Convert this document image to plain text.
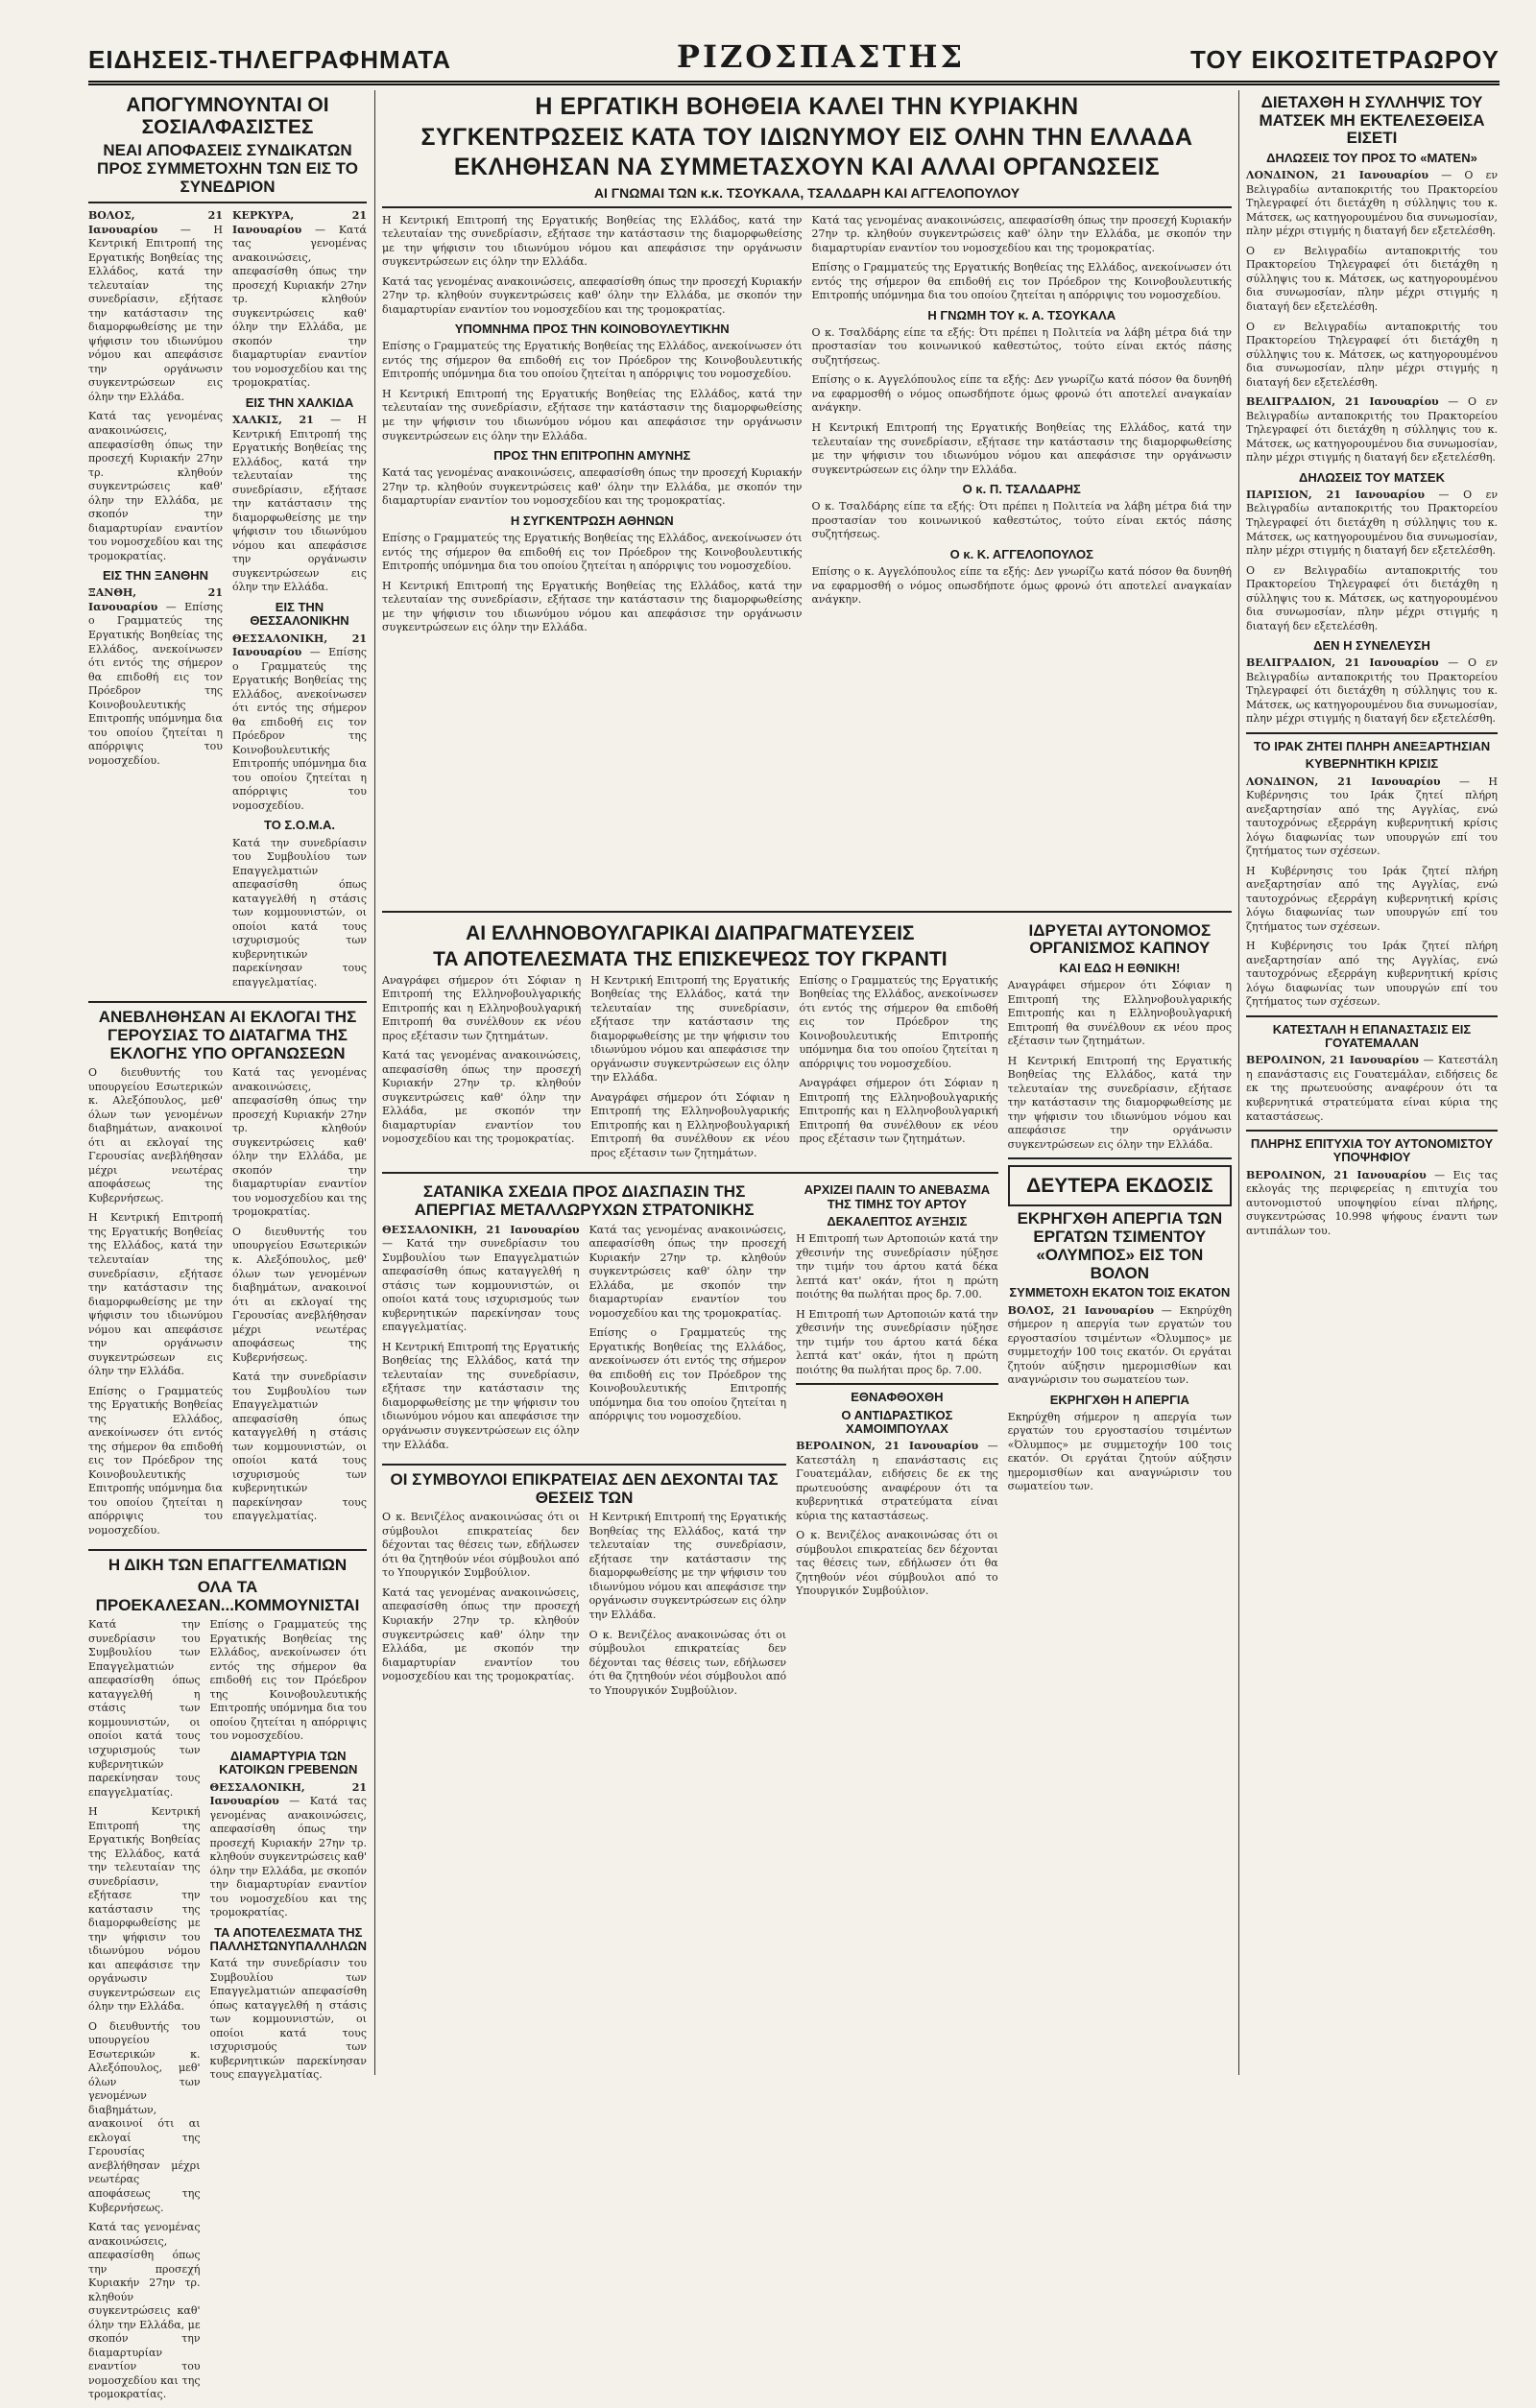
ΕΙΔΗΣΕΙΣ-ΤΗΛΕΓΡΑΦΗΜΑΤΑ	ΡΙΖΟΣΠΑΣΤΗΣ	ΤΟΥ ΕΙΚΟΣΙΤΕΤΡΑΩΡΟΥ
ΑΠΟΓΥΜΝΟΥΝΤΑΙ ΟΙ ΣΟΣΙΑΛΦΑΣΙΣΤΕΣ
ΝΕΑΙ ΑΠΟΦΑΣΕΙΣ ΣΥΝΔΙΚΑΤΩΝ ΠΡΟΣ ΣΥΜΜΕΤΟΧΗΝ ΤΩΝ ΕΙΣ ΤΟ ΣΥΝΕΔΡΙΟΝ

ΒΟΛΟΣ, 21 Ιανουαρίου — Η Κεντρική Επιτροπή της Εργατικής Βοηθείας της Ελλάδος, κατά την τελευταίαν της συνεδρίασιν, εξήτασε την κατάστασιν της διαμορφωθείσης με την ψήφισιν του ιδιωνύμου νόμου και απεφάσισε την οργάνωσιν συγκεντρώσεων εις όλην την Ελλάδα.

Κατά τας γενομένας ανακοινώσεις, απεφασίσθη όπως την προσεχή Κυριακήν 27ην τρ. κληθούν συγκεντρώσεις καθ' όλην την Ελλάδα, με σκοπόν την διαμαρτυρίαν εναντίον του νομοσχεδίου και της τρομοκρατίας.

ΕΙΣ ΤΗΝ ΞΑΝΘΗΝ

ΞΑΝΘΗ, 21 Ιανουαρίου — Επίσης ο Γραμματεύς της Εργατικής Βοηθείας της Ελλάδος, ανεκοίνωσεν ότι εντός της σήμερον θα επιδοθή εις τον Πρόεδρον της Κοινοβουλευτικής Επιτροπής υπόμνημα δια του οποίου ζητείται η απόρριψις του νομοσχεδίου.

ΚΕΡΚΥΡΑ, 21 Ιανουαρίου — Κατά τας γενομένας ανακοινώσεις, απεφασίσθη όπως την προσεχή Κυριακήν 27ην τρ. κληθούν συγκεντρώσεις καθ' όλην την Ελλάδα, με σκοπόν την διαμαρτυρίαν εναντίον του νομοσχεδίου και της τρομοκρατίας.

ΕΙΣ ΤΗΝ ΧΑΛΚΙΔΑ

ΧΑΛΚΙΣ, 21 — Η Κεντρική Επιτροπή της Εργατικής Βοηθείας της Ελλάδος, κατά την τελευταίαν της συνεδρίασιν, εξήτασε την κατάστασιν της διαμορφωθείσης με την ψήφισιν του ιδιωνύμου νόμου και απεφάσισε την οργάνωσιν συγκεντρώσεων εις όλην την Ελλάδα.

ΕΙΣ ΤΗΝ ΘΕΣΣΑΛΟΝΙΚΗΝ

ΘΕΣΣΑΛΟΝΙΚΗ, 21 Ιανουαρίου — Επίσης ο Γραμματεύς της Εργατικής Βοηθείας της Ελλάδος, ανεκοίνωσεν ότι εντός της σήμερον θα επιδοθή εις τον Πρόεδρον της Κοινοβουλευτικής Επιτροπής υπόμνημα δια του οποίου ζητείται η απόρριψις του νομοσχεδίου.

ΤΟ Σ.Ο.Μ.Α.

Κατά την συνεδρίασιν του Συμβουλίου των Επαγγελματιών απεφασίσθη όπως καταγγελθή η στάσις των κομμουνιστών, οι οποίοι κατά τους ισχυρισμούς των κυβερνητικών παρεκίνησαν τους επαγγελματίας.

ΑΝΕΒΛΗΘΗΣΑΝ ΑΙ ΕΚΛΟΓΑΙ ΤΗΣ ΓΕΡΟΥΣΙΑΣ ΤΟ ΔΙΑΤΑΓΜΑ ΤΗΣ ΕΚΛΟΓΗΣ ΥΠΟ ΟΡΓΑΝΩΣΕΩΝ

Ο διευθυντής του υπουργείου Εσωτερικών κ. Αλεξόπουλος, μεθ' όλων των γενομένων διαβημάτων, ανακοινοί ότι αι εκλογαί της Γερουσίας ανεβλήθησαν μέχρι νεωτέρας αποφάσεως της Κυβερνήσεως.

Η Κεντρική Επιτροπή της Εργατικής Βοηθείας της Ελλάδος, κατά την τελευταίαν της συνεδρίασιν, εξήτασε την κατάστασιν της διαμορφωθείσης με την ψήφισιν του ιδιωνύμου νόμου και απεφάσισε την οργάνωσιν συγκεντρώσεων εις όλην την Ελλάδα.

Επίσης ο Γραμματεύς της Εργατικής Βοηθείας της Ελλάδος, ανεκοίνωσεν ότι εντός της σήμερον θα επιδοθή εις τον Πρόεδρον της Κοινοβουλευτικής Επιτροπής υπόμνημα δια του οποίου ζητείται η απόρριψις του νομοσχεδίου.

Κατά τας γενομένας ανακοινώσεις, απεφασίσθη όπως την προσεχή Κυριακήν 27ην τρ. κληθούν συγκεντρώσεις καθ' όλην την Ελλάδα, με σκοπόν την διαμαρτυρίαν εναντίον του νομοσχεδίου και της τρομοκρατίας.

Ο διευθυντής του υπουργείου Εσωτερικών κ. Αλεξόπουλος, μεθ' όλων των γενομένων διαβημάτων, ανακοινοί ότι αι εκλογαί της Γερουσίας ανεβλήθησαν μέχρι νεωτέρας αποφάσεως της Κυβερνήσεως.

Κατά την συνεδρίασιν του Συμβουλίου των Επαγγελματιών απεφασίσθη όπως καταγγελθή η στάσις των κομμουνιστών, οι οποίοι κατά τους ισχυρισμούς των κυβερνητικών παρεκίνησαν τους επαγγελματίας.

Η ΔΙΚΗ ΤΩΝ ΕΠΑΓΓΕΛΜΑΤΙΩΝ
ΟΛΑ ΤΑ ΠΡΟΕΚΑΛΕΣΑΝ...ΚΟΜΜΟΥΝΙΣΤΑΙ

Κατά την συνεδρίασιν του Συμβουλίου των Επαγγελματιών απεφασίσθη όπως καταγγελθή η στάσις των κομμουνιστών, οι οποίοι κατά τους ισχυρισμούς των κυβερνητικών παρεκίνησαν τους επαγγελματίας.

Η Κεντρική Επιτροπή της Εργατικής Βοηθείας της Ελλάδος, κατά την τελευταίαν της συνεδρίασιν, εξήτασε την κατάστασιν της διαμορφωθείσης με την ψήφισιν του ιδιωνύμου νόμου και απεφάσισε την οργάνωσιν συγκεντρώσεων εις όλην την Ελλάδα.

Ο διευθυντής του υπουργείου Εσωτερικών κ. Αλεξόπουλος, μεθ' όλων των γενομένων διαβημάτων, ανακοινοί ότι αι εκλογαί της Γερουσίας ανεβλήθησαν μέχρι νεωτέρας αποφάσεως της Κυβερνήσεως.

Κατά τας γενομένας ανακοινώσεις, απεφασίσθη όπως την προσεχή Κυριακήν 27ην τρ. κληθούν συγκεντρώσεις καθ' όλην την Ελλάδα, με σκοπόν την διαμαρτυρίαν εναντίον του νομοσχεδίου και της τρομοκρατίας.

Επίσης ο Γραμματεύς της Εργατικής Βοηθείας της Ελλάδος, ανεκοίνωσεν ότι εντός της σήμερον θα επιδοθή εις τον Πρόεδρον της Κοινοβουλευτικής Επιτροπής υπόμνημα δια του οποίου ζητείται η απόρριψις του νομοσχεδίου.

ΔΙΑΜΑΡΤΥΡΙΑ ΤΩΝ ΚΑΤΟΙΚΩΝ ΓΡΕΒΕΝΩΝ

ΘΕΣΣΑΛΟΝΙΚΗ, 21 Ιανουαρίου — Κατά τας γενομένας ανακοινώσεις, απεφασίσθη όπως την προσεχή Κυριακήν 27ην τρ. κληθούν συγκεντρώσεις καθ' όλην την Ελλάδα, με σκοπόν την διαμαρτυρίαν εναντίον του νομοσχεδίου και της τρομοκρατίας.

ΤΑ ΑΠΟΤΕΛΕΣΜΑΤΑ ΤΗΣ ΠΑΛΛΗΣΤΩΝΥΠΑΛΛΗΛΩΝ

Κατά την συνεδρίασιν του Συμβουλίου των Επαγγελματιών απεφασίσθη όπως καταγγελθή η στάσις των κομμουνιστών, οι οποίοι κατά τους ισχυρισμούς των κυβερνητικών παρεκίνησαν τους επαγγελματίας.

Η ΕΡΓΑΤΙΚΗ ΒΟΗΘΕΙΑ ΚΑΛΕΙ ΤΗΝ ΚΥΡΙΑΚΗΝ
ΣΥΓΚΕΝΤΡΩΣΕΙΣ ΚΑΤΑ ΤΟΥ ΙΔΙΩΝΥΜΟΥ ΕΙΣ ΟΛΗΝ ΤΗΝ ΕΛΛΑΔΑ
ΕΚΛΗΘΗΣΑΝ ΝΑ ΣΥΜΜΕΤΑΣΧΟΥΝ ΚΑΙ ΑΛΛΑΙ ΟΡΓΑΝΩΣΕΙΣ
ΑΙ ΓΝΩΜΑΙ ΤΩΝ κ.κ. ΤΣΟΥΚΑΛΑ, ΤΣΑΛΔΑΡΗ ΚΑΙ ΑΓΓΕΛΟΠΟΥΛΟΥ

Η Κεντρική Επιτροπή της Εργατικής Βοηθείας της Ελλάδος, κατά την τελευταίαν της συνεδρίασιν, εξήτασε την κατάστασιν της διαμορφωθείσης με την ψήφισιν του ιδιωνύμου νόμου και απεφάσισε την οργάνωσιν συγκεντρώσεων εις όλην την Ελλάδα.

Κατά τας γενομένας ανακοινώσεις, απεφασίσθη όπως την προσεχή Κυριακήν 27ην τρ. κληθούν συγκεντρώσεις καθ' όλην την Ελλάδα, με σκοπόν την διαμαρτυρίαν εναντίον του νομοσχεδίου και της τρομοκρατίας.

ΥΠΟΜΝΗΜΑ ΠΡΟΣ ΤΗΝ ΚΟΙΝΟΒΟΥΛΕΥΤΙΚΗΝ

Επίσης ο Γραμματεύς της Εργατικής Βοηθείας της Ελλάδος, ανεκοίνωσεν ότι εντός της σήμερον θα επιδοθή εις τον Πρόεδρον της Κοινοβουλευτικής Επιτροπής υπόμνημα δια του οποίου ζητείται η απόρριψις του νομοσχεδίου.

Η Κεντρική Επιτροπή της Εργατικής Βοηθείας της Ελλάδος, κατά την τελευταίαν της συνεδρίασιν, εξήτασε την κατάστασιν της διαμορφωθείσης με την ψήφισιν του ιδιωνύμου νόμου και απεφάσισε την οργάνωσιν συγκεντρώσεων εις όλην την Ελλάδα.

ΠΡΟΣ ΤΗΝ ΕΠΙΤΡΟΠΗΝ ΑΜΥΝΗΣ

Κατά τας γενομένας ανακοινώσεις, απεφασίσθη όπως την προσεχή Κυριακήν 27ην τρ. κληθούν συγκεντρώσεις καθ' όλην την Ελλάδα, με σκοπόν την διαμαρτυρίαν εναντίον του νομοσχεδίου και της τρομοκρατίας.

Η ΣΥΓΚΕΝΤΡΩΣΗ ΑΘΗΝΩΝ

Επίσης ο Γραμματεύς της Εργατικής Βοηθείας της Ελλάδος, ανεκοίνωσεν ότι εντός της σήμερον θα επιδοθή εις τον Πρόεδρον της Κοινοβουλευτικής Επιτροπής υπόμνημα δια του οποίου ζητείται η απόρριψις του νομοσχεδίου.

Η Κεντρική Επιτροπή της Εργατικής Βοηθείας της Ελλάδος, κατά την τελευταίαν της συνεδρίασιν, εξήτασε την κατάστασιν της διαμορφωθείσης με την ψήφισιν του ιδιωνύμου νόμου και απεφάσισε την οργάνωσιν συγκεντρώσεων εις όλην την Ελλάδα.

Κατά τας γενομένας ανακοινώσεις, απεφασίσθη όπως την προσεχή Κυριακήν 27ην τρ. κληθούν συγκεντρώσεις καθ' όλην την Ελλάδα, με σκοπόν την διαμαρτυρίαν εναντίον του νομοσχεδίου και της τρομοκρατίας.

Επίσης ο Γραμματεύς της Εργατικής Βοηθείας της Ελλάδος, ανεκοίνωσεν ότι εντός της σήμερον θα επιδοθή εις τον Πρόεδρον της Κοινοβουλευτικής Επιτροπής υπόμνημα δια του οποίου ζητείται η απόρριψις του νομοσχεδίου.

Η ΓΝΩΜΗ ΤΟΥ κ. Α. ΤΣΟΥΚΑΛΑ

Ο κ. Τσαλδάρης είπε τα εξής: Ότι πρέπει η Πολιτεία να λάβη μέτρα διά την προστασίαν του κοινωνικού καθεστώτος, τούτο είναι εκτός πάσης συζητήσεως.

Επίσης ο κ. Αγγελόπουλος είπε τα εξής: Δεν γνωρίζω κατά πόσον θα δυνηθή να εφαρμοσθή ο νόμος οπωσδήποτε όμως φρονώ ότι αποτελεί αναγκαίαν ανάγκην.

Η Κεντρική Επιτροπή της Εργατικής Βοηθείας της Ελλάδος, κατά την τελευταίαν της συνεδρίασιν, εξήτασε την κατάστασιν της διαμορφωθείσης με την ψήφισιν του ιδιωνύμου νόμου και απεφάσισε την οργάνωσιν συγκεντρώσεων εις όλην την Ελλάδα.

Ο κ. Π. ΤΣΑΛΔΑΡΗΣ

Ο κ. Τσαλδάρης είπε τα εξής: Ότι πρέπει η Πολιτεία να λάβη μέτρα διά την προστασίαν του κοινωνικού καθεστώτος, τούτο είναι εκτός πάσης συζητήσεως.

Ο κ. Κ. ΑΓΓΕΛΟΠΟΥΛΟΣ

Επίσης ο κ. Αγγελόπουλος είπε τα εξής: Δεν γνωρίζω κατά πόσον θα δυνηθή να εφαρμοσθή ο νόμος οπωσδήποτε όμως φρονώ ότι αποτελεί αναγκαίαν ανάγκην.

ΑΙ ΕΛΛΗΝΟΒΟΥΛΓΑΡΙΚΑΙ ΔΙΑΠΡΑΓΜΑΤΕΥΣΕΙΣ
ΤΑ ΑΠΟΤΕΛΕΣΜΑΤΑ ΤΗΣ ΕΠΙΣΚΕΨΕΩΣ ΤΟΥ ΓΚΡΑΝΤΙ

Αναγράφει σήμερον ότι Σόφιαν η Επιτροπή της Ελληνοβουλγαρικής Επιτροπής και η Ελληνοβουλγαρική Επιτροπή θα συνέλθουν εκ νέου προς εξέτασιν των ζητημάτων.

Κατά τας γενομένας ανακοινώσεις, απεφασίσθη όπως την προσεχή Κυριακήν 27ην τρ. κληθούν συγκεντρώσεις καθ' όλην την Ελλάδα, με σκοπόν την διαμαρτυρίαν εναντίον του νομοσχεδίου και της τρομοκρατίας.

Η Κεντρική Επιτροπή της Εργατικής Βοηθείας της Ελλάδος, κατά την τελευταίαν της συνεδρίασιν, εξήτασε την κατάστασιν της διαμορφωθείσης με την ψήφισιν του ιδιωνύμου νόμου και απεφάσισε την οργάνωσιν συγκεντρώσεων εις όλην την Ελλάδα.

Αναγράφει σήμερον ότι Σόφιαν η Επιτροπή της Ελληνοβουλγαρικής Επιτροπής και η Ελληνοβουλγαρική Επιτροπή θα συνέλθουν εκ νέου προς εξέτασιν των ζητημάτων.

Επίσης ο Γραμματεύς της Εργατικής Βοηθείας της Ελλάδος, ανεκοίνωσεν ότι εντός της σήμερον θα επιδοθή εις τον Πρόεδρον της Κοινοβουλευτικής Επιτροπής υπόμνημα δια του οποίου ζητείται η απόρριψις του νομοσχεδίου.

Αναγράφει σήμερον ότι Σόφιαν η Επιτροπή της Ελληνοβουλγαρικής Επιτροπής και η Ελληνοβουλγαρική Επιτροπή θα συνέλθουν εκ νέου προς εξέτασιν των ζητημάτων.

ΣΑΤΑΝΙΚΑ ΣΧΕΔΙΑ ΠΡΟΣ ΔΙΑΣΠΑΣΙΝ ΤΗΣ ΑΠΕΡΓΙΑΣ ΜΕΤΑΛΛΩΡΥΧΩΝ ΣΤΡΑΤΟΝΙΚΗΣ

ΘΕΣΣΑΛΟΝΙΚΗ, 21 Ιανουαρίου — Κατά την συνεδρίασιν του Συμβουλίου των Επαγγελματιών απεφασίσθη όπως καταγγελθή η στάσις των κομμουνιστών, οι οποίοι κατά τους ισχυρισμούς των κυβερνητικών παρεκίνησαν τους επαγγελματίας.

Η Κεντρική Επιτροπή της Εργατικής Βοηθείας της Ελλάδος, κατά την τελευταίαν της συνεδρίασιν, εξήτασε την κατάστασιν της διαμορφωθείσης με την ψήφισιν του ιδιωνύμου νόμου και απεφάσισε την οργάνωσιν συγκεντρώσεων εις όλην την Ελλάδα.

Κατά τας γενομένας ανακοινώσεις, απεφασίσθη όπως την προσεχή Κυριακήν 27ην τρ. κληθούν συγκεντρώσεις καθ' όλην την Ελλάδα, με σκοπόν την διαμαρτυρίαν εναντίον του νομοσχεδίου και της τρομοκρατίας.

Επίσης ο Γραμματεύς της Εργατικής Βοηθείας της Ελλάδος, ανεκοίνωσεν ότι εντός της σήμερον θα επιδοθή εις τον Πρόεδρον της Κοινοβουλευτικής Επιτροπής υπόμνημα δια του οποίου ζητείται η απόρριψις του νομοσχεδίου.

ΟΙ ΣΥΜΒΟΥΛΟΙ ΕΠΙΚΡΑΤΕΙΑΣ ΔΕΝ ΔΕΧΟΝΤΑΙ ΤΑΣ ΘΕΣΕΙΣ ΤΩΝ

Ο κ. Βενιζέλος ανακοινώσας ότι οι σύμβουλοι επικρατείας δεν δέχονται τας θέσεις των, εδήλωσεν ότι θα ζητηθούν νέοι σύμβουλοι από το Υπουργικόν Συμβούλιον.

Κατά τας γενομένας ανακοινώσεις, απεφασίσθη όπως την προσεχή Κυριακήν 27ην τρ. κληθούν συγκεντρώσεις καθ' όλην την Ελλάδα, με σκοπόν την διαμαρτυρίαν εναντίον του νομοσχεδίου και της τρομοκρατίας.

Η Κεντρική Επιτροπή της Εργατικής Βοηθείας της Ελλάδος, κατά την τελευταίαν της συνεδρίασιν, εξήτασε την κατάστασιν της διαμορφωθείσης με την ψήφισιν του ιδιωνύμου νόμου και απεφάσισε την οργάνωσιν συγκεντρώσεων εις όλην την Ελλάδα.

Ο κ. Βενιζέλος ανακοινώσας ότι οι σύμβουλοι επικρατείας δεν δέχονται τας θέσεις των, εδήλωσεν ότι θα ζητηθούν νέοι σύμβουλοι από το Υπουργικόν Συμβούλιον.

ΑΡΧΙΖΕΙ ΠΑΛΙΝ ΤΟ ΑΝΕΒΑΣΜΑ ΤΗΣ ΤΙΜΗΣ ΤΟΥ ΑΡΤΟΥ
ΔΕΚΑΛΕΠΤΟΣ ΑΥΞΗΣΙΣ

Η Επιτροπή των Αρτοποιών κατά την χθεσινήν της συνεδρίασιν ηύξησε την τιμήν του άρτου κατά δέκα λεπτά κατ' οκάν, ήτοι η πρώτη ποιότης θα πωλήται προς δρ. 7.00.

Η Επιτροπή των Αρτοποιών κατά την χθεσινήν της συνεδρίασιν ηύξησε την τιμήν του άρτου κατά δέκα λεπτά κατ' οκάν, ήτοι η πρώτη ποιότης θα πωλήται προς δρ. 7.00.

ΕΘΝΑΦΘΟΧΘΗ
Ο ΑΝΤΙΔΡΑΣΤΙΚΟΣ ΧΑΜΟΙΜΠΟΥΛΑΧ

ΒΕΡΟΛΙΝΟΝ, 21 Ιανουαρίου — Κατεστάλη η επανάστασις εις Γουατεμάλαν, ειδήσεις δε εκ της πρωτευούσης αναφέρουν ότι τα κυβερνητικά στρατεύματα είναι κύρια της καταστάσεως.

Ο κ. Βενιζέλος ανακοινώσας ότι οι σύμβουλοι επικρατείας δεν δέχονται τας θέσεις των, εδήλωσεν ότι θα ζητηθούν νέοι σύμβουλοι από το Υπουργικόν Συμβούλιον.

ΙΔΡΥΕΤΑΙ ΑΥΤΟΝΟΜΟΣ ΟΡΓΑΝΙΣΜΟΣ ΚΑΠΝΟΥ
ΚΑΙ ΕΔΩ Η ΕΘΝΙΚΗ!

Αναγράφει σήμερον ότι Σόφιαν η Επιτροπή της Ελληνοβουλγαρικής Επιτροπής και η Ελληνοβουλγαρική Επιτροπή θα συνέλθουν εκ νέου προς εξέτασιν των ζητημάτων.

Η Κεντρική Επιτροπή της Εργατικής Βοηθείας της Ελλάδος, κατά την τελευταίαν της συνεδρίασιν, εξήτασε την κατάστασιν της διαμορφωθείσης με την ψήφισιν του ιδιωνύμου νόμου και απεφάσισε την οργάνωσιν συγκεντρώσεων εις όλην την Ελλάδα.

ΔΕΥΤΕΡΑ ΕΚΔΟΣΙΣ
ΕΚΡΗΓΧΘΗ ΑΠΕΡΓΙΑ ΤΩΝ ΕΡΓΑΤΩΝ ΤΣΙΜΕΝΤΟΥ «ΟΛΥΜΠΟΣ» ΕΙΣ ΤΟΝ ΒΟΛΟΝ
ΣΥΜΜΕΤΟΧΗ ΕΚΑΤΟΝ ΤΟΙΣ ΕΚΑΤΟΝ

ΒΟΛΟΣ, 21 Ιανουαρίου — Εκηρύχθη σήμερον η απεργία των εργατών του εργοστασίου τσιμέντων «Όλυμπος» με συμμετοχήν 100 τοις εκατόν. Οι εργάται ζητούν αύξησιν ημερομισθίων και αναγνώρισιν του σωματείου των.

ΕΚΡΗΓΧΘΗ Η ΑΠΕΡΓΙΑ

Εκηρύχθη σήμερον η απεργία των εργατών του εργοστασίου τσιμέντων «Όλυμπος» με συμμετοχήν 100 τοις εκατόν. Οι εργάται ζητούν αύξησιν ημερομισθίων και αναγνώρισιν του σωματείου των.

ΔΙΕΤΑΧΘΗ Η ΣΥΛΛΗΨΙΣ ΤΟΥ ΜΑΤΣΕΚ ΜΗ ΕΚΤΕΛΕΣΘΕΙΣΑ ΕΙΣΕΤΙ
ΔΗΛΩΣΕΙΣ ΤΟΥ ΠΡΟΣ ΤΟ «ΜΑΤΕΝ»

ΛΟΝΔΙΝΟΝ, 21 Ιανουαρίου — Ο εν Βελιγραδίω ανταποκριτής του Πρακτορείου Τηλεγραφεί ότι διετάχθη η σύλληψις του κ. Μάτσεκ, ως κατηγορουμένου δια συνωμοσίαν, πλην μέχρι στιγμής η διαταγή δεν εξετελέσθη.

Ο εν Βελιγραδίω ανταποκριτής του Πρακτορείου Τηλεγραφεί ότι διετάχθη η σύλληψις του κ. Μάτσεκ, ως κατηγορουμένου δια συνωμοσίαν, πλην μέχρι στιγμής η διαταγή δεν εξετελέσθη.

Ο εν Βελιγραδίω ανταποκριτής του Πρακτορείου Τηλεγραφεί ότι διετάχθη η σύλληψις του κ. Μάτσεκ, ως κατηγορουμένου δια συνωμοσίαν, πλην μέχρι στιγμής η διαταγή δεν εξετελέσθη.

ΒΕΛΙΓΡΑΔΙΟΝ, 21 Ιανουαρίου — Ο εν Βελιγραδίω ανταποκριτής του Πρακτορείου Τηλεγραφεί ότι διετάχθη η σύλληψις του κ. Μάτσεκ, ως κατηγορουμένου δια συνωμοσίαν, πλην μέχρι στιγμής η διαταγή δεν εξετελέσθη.

ΔΗΛΩΣΕΙΣ ΤΟΥ ΜΑΤΣΕΚ

ΠΑΡΙΣΙΟΝ, 21 Ιανουαρίου — Ο εν Βελιγραδίω ανταποκριτής του Πρακτορείου Τηλεγραφεί ότι διετάχθη η σύλληψις του κ. Μάτσεκ, ως κατηγορουμένου δια συνωμοσίαν, πλην μέχρι στιγμής η διαταγή δεν εξετελέσθη.

Ο εν Βελιγραδίω ανταποκριτής του Πρακτορείου Τηλεγραφεί ότι διετάχθη η σύλληψις του κ. Μάτσεκ, ως κατηγορουμένου δια συνωμοσίαν, πλην μέχρι στιγμής η διαταγή δεν εξετελέσθη.

ΔΕΝ Η ΣΥΝΕΛΕΥΣΗ

ΒΕΛΙΓΡΑΔΙΟΝ, 21 Ιανουαρίου — Ο εν Βελιγραδίω ανταποκριτής του Πρακτορείου Τηλεγραφεί ότι διετάχθη η σύλληψις του κ. Μάτσεκ, ως κατηγορουμένου δια συνωμοσίαν, πλην μέχρι στιγμής η διαταγή δεν εξετελέσθη.

ΤΟ ΙΡΑΚ ΖΗΤΕΙ ΠΛΗΡΗ ΑΝΕΞΑΡΤΗΣΙΑΝ
ΚΥΒΕΡΝΗΤΙΚΗ ΚΡΙΣΙΣ

ΛΟΝΔΙΝΟΝ, 21 Ιανουαρίου — Η Κυβέρνησις του Ιράκ ζητεί πλήρη ανεξαρτησίαν από της Αγγλίας, ενώ ταυτοχρόνως εξερράγη κυβερνητική κρίσις λόγω διαφωνίας των υπουργών επί του ζητήματος των σχέσεων.

Η Κυβέρνησις του Ιράκ ζητεί πλήρη ανεξαρτησίαν από της Αγγλίας, ενώ ταυτοχρόνως εξερράγη κυβερνητική κρίσις λόγω διαφωνίας των υπουργών επί του ζητήματος των σχέσεων.

Η Κυβέρνησις του Ιράκ ζητεί πλήρη ανεξαρτησίαν από της Αγγλίας, ενώ ταυτοχρόνως εξερράγη κυβερνητική κρίσις λόγω διαφωνίας των υπουργών επί του ζητήματος των σχέσεων.

ΚΑΤΕΣΤΑΛΗ Η ΕΠΑΝΑΣΤΑΣΙΣ ΕΙΣ ΓΟΥΑΤΕΜΑΛΑΝ

ΒΕΡΟΛΙΝΟΝ, 21 Ιανουαρίου — Κατεστάλη η επανάστασις εις Γουατεμάλαν, ειδήσεις δε εκ της πρωτευούσης αναφέρουν ότι τα κυβερνητικά στρατεύματα είναι κύρια της καταστάσεως.

ΠΛΗΡΗΣ ΕΠΙΤΥΧΙΑ ΤΟΥ ΑΥΤΟΝΟΜΙΣΤΟΥ ΥΠΟΨΗΦΙΟΥ

ΒΕΡΟΛΙΝΟΝ, 21 Ιανουαρίου — Εις τας εκλογάς της περιφερείας η επιτυχία του αυτονομιστού υποψηφίου είναι πλήρης, συγκεντρώσας 10.998 ψήφους έναντι των αντιπάλων του.
